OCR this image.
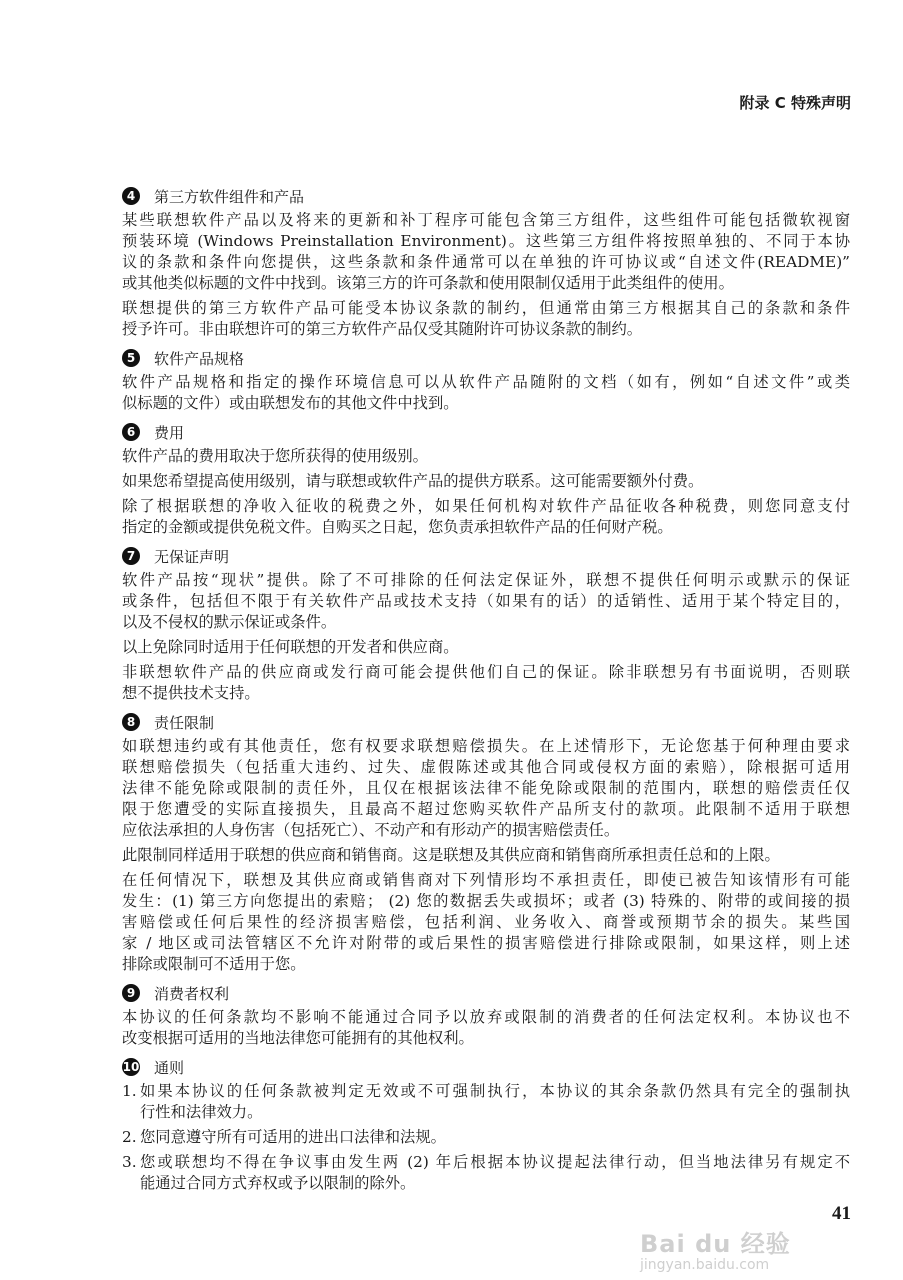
附录 C 特殊声明
4	第三方软件组件和产品
某些联想软件产品以及将来的更新和补丁程序可能包含第三方组件，这些组件可能包括微软视窗
预装环境 (Windows Preinstallation Environment)。这些第三方组件将按照单独的、不同于本协
议的条款和条件向您提供，这些条款和条件通常可以在单独的许可协议或“自述文件(README)”
或其他类似标题的文件中找到。该第三方的许可条款和使用限制仅适用于此类组件的使用。
联想提供的第三方软件产品可能受本协议条款的制约，但通常由第三方根据其自己的条款和条件
授予许可。非由联想许可的第三方软件产品仅受其随附许可协议条款的制约。
5	软件产品规格
软件产品规格和指定的操作环境信息可以从软件产品随附的文档（如有，例如“自述文件”或类
似标题的文件）或由联想发布的其他文件中找到。
6	费用
软件产品的费用取决于您所获得的使用级别。
如果您希望提高使用级别，请与联想或软件产品的提供方联系。这可能需要额外付费。
除了根据联想的净收入征收的税费之外，如果任何机构对软件产品征收各种税费，则您同意支付
指定的金额或提供免税文件。自购买之日起，您负责承担软件产品的任何财产税。
7	无保证声明
软件产品按“现状”提供。除了不可排除的任何法定保证外，联想不提供任何明示或默示的保证
或条件，包括但不限于有关软件产品或技术支持（如果有的话）的适销性、适用于某个特定目的，
以及不侵权的默示保证或条件。
以上免除同时适用于任何联想的开发者和供应商。
非联想软件产品的供应商或发行商可能会提供他们自己的保证。除非联想另有书面说明，否则联
想不提供技术支持。
8	责任限制
如联想违约或有其他责任，您有权要求联想赔偿损失。在上述情形下，无论您基于何种理由要求
联想赔偿损失（包括重大违约、过失、虚假陈述或其他合同或侵权方面的索赔），除根据可适用
法律不能免除或限制的责任外，且仅在根据该法律不能免除或限制的范围内，联想的赔偿责任仅
限于您遭受的实际直接损失，且最高不超过您购买软件产品所支付的款项。此限制不适用于联想
应依法承担的人身伤害（包括死亡）、不动产和有形动产的损害赔偿责任。
此限制同样适用于联想的供应商和销售商。这是联想及其供应商和销售商所承担责任总和的上限。
在任何情况下，联想及其供应商或销售商对下列情形均不承担责任，即使已被告知该情形有可能
发生：(1) 第三方向您提出的索赔； (2) 您的数据丢失或损坏；或者 (3) 特殊的、附带的或间接的损
害赔偿或任何后果性的经济损害赔偿，包括利润、业务收入、商誉或预期节余的损失。某些国
家 / 地区或司法管辖区不允许对附带的或后果性的损害赔偿进行排除或限制，如果这样，则上述
排除或限制可不适用于您。
9	消费者权利
本协议的任何条款均不影响不能通过合同予以放弃或限制的消费者的任何法定权利。本协议也不
改变根据可适用的当地法律您可能拥有的其他权利。
10 通则
1. 如果本协议的任何条款被判定无效或不可强制执行，本协议的其余条款仍然具有完全的强制执
行性和法律效力。
2. 您同意遵守所有可适用的进出口法律和法规。
3. 您或联想均不得在争议事由发生两 (2) 年后根据本协议提起法律行动，但当地法律另有规定不
能通过合同方式弃权或予以限制的除外。
41
Bai du 经验
jingyan.baidu.com
